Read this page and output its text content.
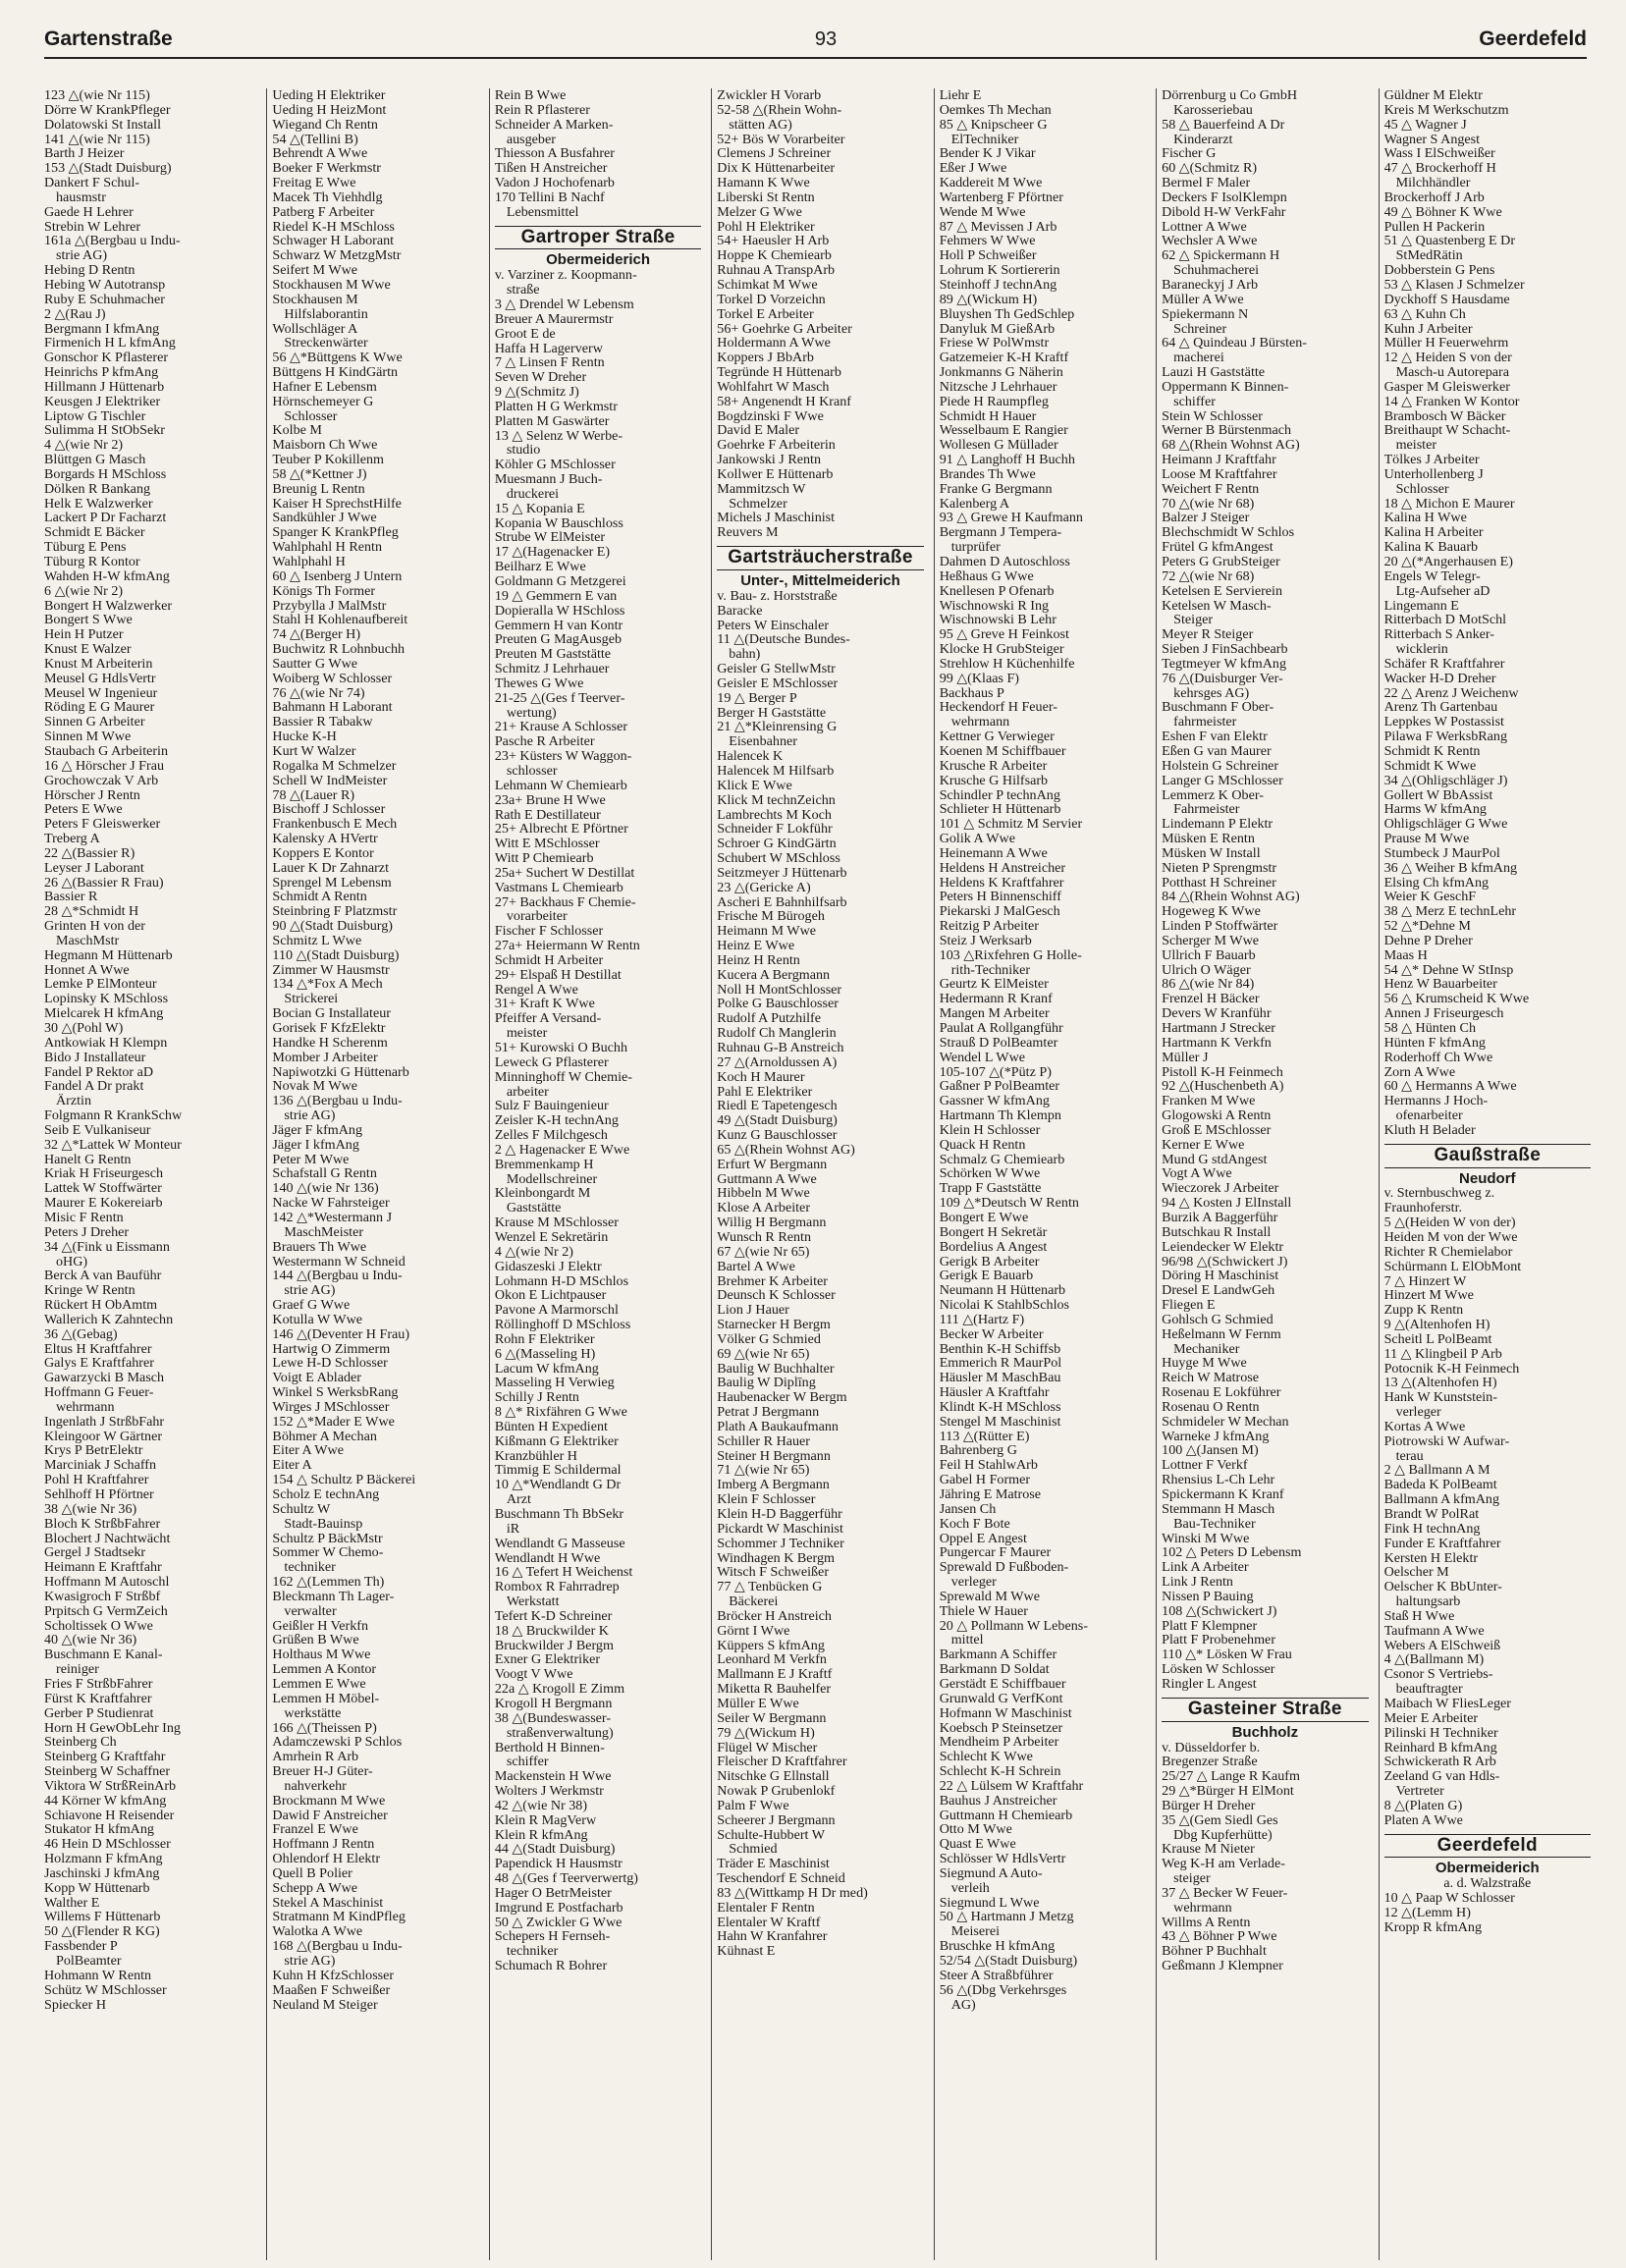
Gartenstraße	93	Geerdefeld
123 △(wie Nr 115)
Dörre W KrankPfleger
Dolatowski St Install
141 △(wie Nr 115)
Barth J Heizer
153 △(Stadt Duisburg)
Dankert F Schul-
hausmstr
Gaede H Lehrer
Strebin W Lehrer
161a △(Bergbau u Indu-
strie AG)
Hebing D Rentn
Hebing W Autotransp
Ruby E Schuhmacher
2 △(Rau J)
Bergmann I kfmAng
Firmenich H L kfmAng
Gonschor K Pflasterer
Heinrichs P kfmAng
Hillmann J Hüttenarb
Keusgen J Elektriker
Liptow G Tischler
Sulimma H StObSekr
4 △(wie Nr 2)
Blüttgen G Masch
Borgards H MSchloss
Dölken R Bankang
Helk E Walzwerker
Lackert P Dr Facharzt
Schmidt E Bäcker
Tüburg E Pens
Tüburg R Kontor
Wahden H-W kfmAng
6 △(wie Nr 2)
Bongert H Walzwerker
Bongert S Wwe
Hein H Putzer
Knust E Walzer
Knust M Arbeiterin
Meusel G HdlsVertr
Meusel W Ingenieur
Röding E G Maurer
Sinnen G Arbeiter
Sinnen M Wwe
Staubach G Arbeiterin
16 △ Hörscher J Frau
Grochowczak V Arb
Hörscher J Rentn
Peters E Wwe
Peters F Gleiswerker
Treberg A
22 △(Bassier R)
Leyser J Laborant
26 △(Bassier R Frau)
Bassier R
28 △*Schmidt H
Grinten H von der
MaschMstr
Hegmann M Hüttenarb
Honnet A Wwe
Lemke P ElMonteur
Lopinsky K MSchloss
Mielcarek H kfmAng
30 △(Pohl W)
Antkowiak H Klempn
Bido J Installateur
Fandel P Rektor aD
Fandel A Dr prakt
Ärztin
Folgmann R KrankSchw
Seib E Vulkaniseur
32 △*Lattek W Monteur
Hanelt G Rentn
Kriak H Friseurgesch
Lattek W Stoffwärter
Maurer E Kokereiarb
Misic F Rentn
Peters J Dreher
34 △(Fink u Eissmann
oHG)
Berck A van Bauführ
Kringe W Rentn
Rückert H ObAmtm
Wallerich K Zahntechn
36 △(Gebag)
Eltus H Kraftfahrer
Galys E Kraftfahrer
Gawarzycki B Masch
Hoffmann G Feuer-
wehrmann
Ingenlath J StrßbFahr
Kleingoor W Gärtner
Krys P BetrElektr
Marciniak J Schaffn
Pohl H Kraftfahrer
Sehlhoff H Pförtner
38 △(wie Nr 36)
Bloch K StrßbFahrer
Blochert J Nachtwächt
Gergel J Stadtsekr
Heimann E Kraftfahr
Hoffmann M Autoschl
Kwasigroch F Strßbf
Prpitsch G VermZeich
Scholtissek O Wwe
40 △(wie Nr 36)
Buschmann E Kanal-
reiniger
Fries F StrßbFahrer
Fürst K Kraftfahrer
Gerber P Studienrat
Horn H GewObLehr Ing
Steinberg Ch
Steinberg G Kraftfahr
Steinberg W Schaffner
Viktora W StrßReinArb
44 Körner W kfmAng
Schiavone H Reisender
Stukator H kfmAng
46 Hein D MSchlosser
Holzmann F kfmAng
Jaschinski J kfmAng
Kopp W Hüttenarb
Walther E
Willems F Hüttenarb
50 △(Flender R KG)
Fassbender P
PolBeamter
Hohmann W Rentn
Schütz W MSchlosser
Spiecker H
Ueding H Elektriker
Ueding H HeizMont
Wiegand Ch Rentn
54 △(Tellini B)
Behrendt A Wwe
Boeker F Werkmstr
Freitag E Wwe
Macek Th Viehhdlg
Patberg F Arbeiter
Riedel K-H MSchloss
Schwager H Laborant
Schwarz W MetzgMstr
Seifert M Wwe
Stockhausen M Wwe
Stockhausen M
Hilfslaborantin
Wollschläger A
Streckenwärter
56 △*Büttgens K Wwe
Büttgens H KindGärtn
Hafner E Lebensm
Hörnschemeyer G
Schlosser
Kolbe M
Maisborn Ch Wwe
Teuber P Kokillenm
58 △(*Kettner J)
Breunig L Rentn
Kaiser H SprechstHilfe
Sandkühler J Wwe
Spanger K KrankPfleg
Wahlphahl H Rentn
Wahlphahl H
60 △ Isenberg J Untern
Königs Th Former
Przybylla J MalMstr
Stahl H Kohlenaufbereit
74 △(Berger H)
Buchwitz R Lohnbuchh
Sautter G Wwe
Woiberg W Schlosser
76 △(wie Nr 74)
Bahmann H Laborant
Bassier R Tabakw
Hucke K-H
Kurt W Walzer
Rogalka M Schmelzer
Schell W IndMeister
78 △(Lauer R)
Bischoff J Schlosser
Frankenbusch E Mech
Kalensky A HVertr
Koppers E Kontor
Lauer K Dr Zahnarzt
Sprengel M Lebensm
Schmidt A Rentn
Steinbring F Platzmstr
90 △(Stadt Duisburg)
Schmitz L Wwe
110 △(Stadt Duisburg)
Zimmer W Hausmstr
134 △*Fox A Mech
Strickerei
Bocian G Installateur
Gorisek F KfzElektr
Handke H Scherenm
Momber J Arbeiter
Napiwotzki G Hüttenarb
Novak M Wwe
136 △(Bergbau u Indu-
strie AG)
Jäger F kfmAng
Jäger I kfmAng
Peter M Wwe
Schafstall G Rentn
140 △(wie Nr 136)
Nacke W Fahrsteiger
142 △*Westermann J
MaschMeister
Brauers Th Wwe
Westermann W Schneid
144 △(Bergbau u Indu-
strie AG)
Graef G Wwe
Kotulla W Wwe
146 △(Deventer H Frau)
Hartwig O Zimmerm
Lewe H-D Schlosser
Voigt E Ablader
Winkel S WerksbRang
Wirges J MSchlosser
152 △*Mader E Wwe
Böhmer A Mechan
Eiter A Wwe
Eiter A
154 △ Schultz P Bäckerei
Scholz E technAng
Schultz W
Stadt-Bauinsp
Schultz P BäckMstr
Sommer W Chemo-
techniker
162 △(Lemmen Th)
Bleckmann Th Lager-
verwalter
Geißler H Verkfn
Grüßen B Wwe
Holthaus M Wwe
Lemmen A Kontor
Lemmen E Wwe
Lemmen H Möbel-
werkstätte
166 △(Theissen P)
Adamczewski P Schlos
Amrhein R Arb
Breuer H-J Güter-
nahverkehr
Brockmann M Wwe
Dawid F Anstreicher
Franzel E Wwe
Hoffmann J Rentn
Ohlendorf H Elektr
Quell B Polier
Schepp A Wwe
Stekel A Maschinist
Stratmann M KindPfleg
Walotka A Wwe
168 △(Bergbau u Indu-
strie AG)
Kuhn H KfzSchlosser
Maaßen F Schweißer
Neuland M Steiger
Rein B Wwe
Rein R Pflasterer
Schneider A Marken-
ausgeber
Thiesson A Busfahrer
Tißen H Anstreicher
Vadon J Hochofenarb
170 Tellini B Nachf
Lebensmittel
Gartroper Straße
Obermeiderich
v. Varziner z. Koopmann-
straße
3 △ Drendel W Lebensm
Breuer A Maurermstr
Groot E de
Haffa H Lagerverw
7 △ Linsen F Rentn
Seven W Dreher
9 △(Schmitz J)
Platten H G Werkmstr
Platten M Gaswärter
13 △ Selenz W Werbe-
studio
Köhler G MSchlosser
Muesmann J Buch-
druckerei
15 △ Kopania E
Kopania W Bauschloss
Strube W ElMeister
17 △(Hagenacker E)
Beilharz E Wwe
Goldmann G Metzgerei
19 △ Gemmern E van
Dopieralla W HSchloss
Gemmern H van Kontr
Preuten G MagAusgeb
Preuten M Gaststätte
Schmitz J Lehrhauer
Thewes G Wwe
21-25 △(Ges f Teerver-
wertung)
21+ Krause A Schlosser
Pasche R Arbeiter
23+ Küsters W Waggon-
schlosser
Lehmann W Chemiearb
23a+ Brune H Wwe
Rath E Destillateur
25+ Albrecht E Pförtner
Witt E MSchlosser
Witt P Chemiearb
25a+ Suchert W Destillat
Vastmans L Chemiearb
27+ Backhaus F Chemie-
vorarbeiter
Fischer F Schlosser
27a+ Heiermann W Rentn
Schmidt H Arbeiter
29+ Elspaß H Destillat
Rengel A Wwe
31+ Kraft K Wwe
Pfeiffer A Versand-
meister
51+ Kurowski O Buchh
Leweck G Pflasterer
Minninghoff W Chemie-
arbeiter
Sulz F Bauingenieur
Zeisler K-H technAng
Zelles F Milchgesch
2 △ Hagenacker E Wwe
Bremmenkamp H
Modellschreiner
Kleinbongardt M
Gaststätte
Krause M MSchlosser
Wenzel E Sekretärin
4 △(wie Nr 2)
Gidaszeski J Elektr
Lohmann H-D MSchlos
Okon E Lichtpauser
Pavone A Marmorschl
Röllinghoff D MSchloss
Rohn F Elektriker
6 △(Masseling H)
Lacum W kfmAng
Masseling H Verwieg
Schilly J Rentn
8 △* Rixfähren G Wwe
Bünten H Expedient
Kißmann G Elektriker
Kranzbühler H
Timmig E Schildermal
10 △*Wendlandt G Dr
Arzt
Buschmann Th BbSekr
iR
Wendlandt G Masseuse
Wendlandt H Wwe
16 △ Tefert H Weichenst
Rombox R Fahrradrep
Werkstatt
Tefert K-D Schreiner
18 △ Bruckwilder K
Bruckwilder J Bergm
Exner G Elektriker
Voogt V Wwe
22a △ Krogoll E Zimm
Krogoll H Bergmann
38 △(Bundeswasser-
straßenverwaltung)
Berthold H Binnen-
schiffer
Mackenstein H Wwe
Wolters J Werkmstr
42 △(wie Nr 38)
Klein R MagVerw
Klein R kfmAng
44 △(Stadt Duisburg)
Papendick H Hausmstr
48 △(Ges f Teerverwertg)
Hager O BetrMeister
Imgrund E Postfacharb
50 △ Zwickler G Wwe
Schepers H Fernseh-
techniker
Schumach R Bohrer
Zwickler H Vorarb
52-58 △(Rhein Wohn-
stätten AG)
52+ Bös W Vorarbeiter
Clemens J Schreiner
Dix K Hüttenarbeiter
Hamann K Wwe
Liberski St Rentn
Melzer G Wwe
Pohl H Elektriker
54+ Haeusler H Arb
Hoppe K Chemiearb
Ruhnau A TranspArb
Schimkat M Wwe
Torkel D Vorzeichn
Torkel E Arbeiter
56+ Goehrke G Arbeiter
Holdermann A Wwe
Koppers J BbArb
Tegründe H Hüttenarb
Wohlfahrt W Masch
58+ Angenendt H Kranf
Bogdzinski F Wwe
David E Maler
Goehrke F Arbeiterin
Jankowski J Rentn
Kollwer E Hüttenarb
Mammitzsch W
Schmelzer
Michels J Maschinist
Reuvers M
Gartsträucherstraße
Unter-, Mittelmeiderich
v. Bau- z. Horststraße
Baracke
Peters W Einschaler
11 △(Deutsche Bundes-
bahn)
Geisler G StellwMstr
Geisler E MSchlosser
19 △ Berger P
Berger H Gaststätte
21 △*Kleinrensing G
Eisenbahner
Halencek K
Halencek M Hilfsarb
Klick E Wwe
Klick M technZeichn
Lambrechts M Koch
Schneider F Lokführ
Schroer G KindGärtn
Schubert W MSchloss
Seitzmeyer J Hüttenarb
23 △(Gericke A)
Ascheri E Bahnhilfsarb
Frische M Bürogeh
Heimann M Wwe
Heinz E Wwe
Heinz H Rentn
Kucera A Bergmann
Noll H MontSchlosser
Polke G Bauschlosser
Rudolf A Putzhilfe
Rudolf Ch Manglerin
Ruhnau G-B Anstreich
27 △(Arnoldussen A)
Koch H Maurer
Pahl E Elektriker
Riedl E Tapetengesch
49 △(Stadt Duisburg)
Kunz G Bauschlosser
65 △(Rhein Wohnst AG)
Erfurt W Bergmann
Guttmann A Wwe
Hibbeln M Wwe
Klose A Arbeiter
Willig H Bergmann
Wunsch R Rentn
67 △(wie Nr 65)
Bartel A Wwe
Brehmer K Arbeiter
Deunsch K Schlosser
Lion J Hauer
Starnecker H Bergm
Völker G Schmied
69 △(wie Nr 65)
Baulig W Buchhalter
Baulig W Diplīng
Haubenacker W Bergm
Petrat J Bergmann
Plath A Baukaufmann
Schiller R Hauer
Steiner H Bergmann
71 △(wie Nr 65)
Imberg A Bergmann
Klein F Schlosser
Klein H-D Baggerführ
Pickardt W Maschinist
Schommer J Techniker
Windhagen K Bergm
Witsch F Schweißer
77 △ Tenbücken G
Bäckerei
Bröcker H Anstreich
Görnt I Wwe
Küppers S kfmAng
Leonhard M Verkfn
Mallmann E J Kraftf
Miketta R Bauhelfer
Müller E Wwe
Seiler W Bergmann
79 △(Wickum H)
Flügel W Mischer
Fleischer D Kraftfahrer
Nitschke G Ellnstall
Nowak P Grubenlokf
Palm F Wwe
Scheerer J Bergmann
Schulte-Hubbert W
Schmied
Träder E Maschinist
Teschendorf E Schneid
83 △(Wittkamp H Dr med)
Elentaler F Rentn
Elentaler W Kraftf
Hahn W Kranfahrer
Kühnast E
Liehr E
Oemkes Th Mechan
85 △ Knipscheer G
ElTechniker
Bender K J Vikar
Eßer J Wwe
Kaddereit M Wwe
Wartenberg F Pförtner
Wende M Wwe
87 △ Mevissen J Arb
Fehmers W Wwe
Holl P Schweißer
Lohrum K Sortiererin
Steinhoff J technAng
89 △(Wickum H)
Bluyshen Th GedSchlep
Danyluk M GießArb
Friese W PolWmstr
Gatzemeier K-H Kraftf
Jonkmanns G Näherin
Nitzsche J Lehrhauer
Piede H Raumpfleg
Schmidt H Hauer
Wesselbaum E Rangier
Wollesen G Müllader
91 △ Langhoff H Buchh
Brandes Th Wwe
Franke G Bergmann
Kalenberg A
93 △ Grewe H Kaufmann
Bergmann J Tempera-
turprüfer
Dahmen D Autoschloss
Heßhaus G Wwe
Knellesen P Ofenarb
Wischnowski R Ing
Wischnowski B Lehr
95 △ Greve H Feinkost
Klocke H GrubSteiger
Strehlow H Küchenhilfe
99 △(Klaas F)
Backhaus P
Heckendorf H Feuer-
wehrmann
Kettner G Verwieger
Koenen M Schiffbauer
Krusche R Arbeiter
Krusche G Hilfsarb
Schindler P technAng
Schlieter H Hüttenarb
101 △ Schmitz M Servier
Golik A Wwe
Heinemann A Wwe
Heldens H Anstreicher
Heldens K Kraftfahrer
Peters H Binnenschiff
Piekarski J MalGesch
Reitzig P Arbeiter
Steiz J Werksarb
103 △Rixfehren G Holle-
rith-Techniker
Geurtz K ElMeister
Hedermann R Kranf
Mangen M Arbeiter
Paulat A Rollgangführ
Strauß D PolBeamter
Wendel L Wwe
105-107 △(*Pütz P)
Gaßner P PolBeamter
Gassner W kfmAng
Hartmann Th Klempn
Klein H Schlosser
Quack H Rentn
Schmalz G Chemiearb
Schörken W Wwe
Trapp F Gaststätte
109 △*Deutsch W Rentn
Bongert E Wwe
Bongert H Sekretär
Bordelius A Angest
Gerigk B Arbeiter
Gerigk E Bauarb
Neumann H Hüttenarb
Nicolai K StahlbSchlos
111 △(Hartz F)
Becker W Arbeiter
Benthin K-H Schiffsb
Emmerich R MaurPol
Häusler M MaschBau
Häusler A Kraftfahr
Klindt K-H MSchloss
Stengel M Maschinist
113 △(Rütter E)
Bahrenberg G
Feil H StahlwArb
Gabel H Former
Jähring E Matrose
Jansen Ch
Koch F Bote
Oppel E Angest
Pungercar F Maurer
Sprewald D Fußboden-
verleger
Sprewald M Wwe
Thiele W Hauer
20 △ Pollmann W Lebens-
mittel
Barkmann A Schiffer
Barkmann D Soldat
Gerstädt E Schiffbauer
Grunwald G VerfKont
Hofmann W Maschinist
Koebsch P Steinsetzer
Mendheim P Arbeiter
Schlecht K Wwe
Schlecht K-H Schrein
22 △ Lülsem W Kraftfahr
Bauhus J Anstreicher
Guttmann H Chemiearb
Otto M Wwe
Quast E Wwe
Schlösser W HdlsVertr
Siegmund A Auto-
verleih
Siegmund L Wwe
50 △ Hartmann J Metzg
Meiserei
Bruschke H kfmAng
52/54 △(Stadt Duisburg)
Steer A Straßbführer
56 △(Dbg Verkehrsges
AG)
Dörrenburg u Co GmbH
Karosseriebau
58 △ Bauerfeind A Dr
Kinderarzt
Fischer G
60 △(Schmitz R)
Bermel F Maler
Deckers F IsolKlempn
Dibold H-W VerkFahr
Lottner A Wwe
Wechsler A Wwe
62 △ Spickermann H
Schuhmacherei
Baraneckyj J Arb
Müller A Wwe
Spiekermann N
Schreiner
64 △ Quindeau J Bürsten-
macherei
Lauzi H Gaststätte
Oppermann K Binnen-
schiffer
Stein W Schlosser
Werner B Bürstenmach
68 △(Rhein Wohnst AG)
Heimann J Kraftfahr
Loose M Kraftfahrer
Weichert F Rentn
70 △(wie Nr 68)
Balzer J Steiger
Blechschmidt W Schlos
Frütel G kfmAngest
Peters G GrubSteiger
72 △(wie Nr 68)
Ketelsen E Servierein
Ketelsen W Masch-
Steiger
Meyer R Steiger
Sieben J FinSachbearb
Tegtmeyer W kfmAng
76 △(Duisburger Ver-
kehrsges AG)
Buschmann F Ober-
fahrmeister
Eshen F van Elektr
Eßen G van Maurer
Holstein G Schreiner
Langer G MSchlosser
Lemmerz K Ober-
Fahrmeister
Lindemann P Elektr
Müsken E Rentn
Müsken W Install
Nieten P Sprengmstr
Potthast H Schreiner
84 △(Rhein Wohnst AG)
Hogeweg K Wwe
Linden P Stoffwärter
Scherger M Wwe
Ullrich F Bauarb
Ulrich O Wäger
86 △(wie Nr 84)
Frenzel H Bäcker
Devers W Kranführ
Hartmann J Strecker
Hartmann K Verkfn
Müller J
Pistoll K-H Feinmech
92 △(Huschenbeth A)
Franken M Wwe
Glogowski A Rentn
Groß E MSchlosser
Kerner E Wwe
Mund G stdAngest
Vogt A Wwe
Wieczorek J Arbeiter
94 △ Kosten J ElInstall
Burzik A Baggerführ
Butschkau R Install
Leiendecker W Elektr
96/98 △(Schwickert J)
Döring H Maschinist
Dresel E LandwGeh
Fliegen E
Gohlsch G Schmied
Heßelmann W Fernm
Mechaniker
Huyge M Wwe
Reich W Matrose
Rosenau E Lokführer
Rosenau O Rentn
Schmideler W Mechan
Warneke J kfmAng
100 △(Jansen M)
Lottner F Verkf
Rhensius L-Ch Lehr
Spickermann K Kranf
Stemmann H Masch
Bau-Techniker
Winski M Wwe
102 △ Peters D Lebensm
Link A Arbeiter
Link J Rentn
Nissen P Bauing
108 △(Schwickert J)
Platt F Klempner
Platt F Probenehmer
110 △* Lösken W Frau
Lösken W Schlosser
Ringler L Angest
Gasteiner Straße
Buchholz
v. Düsseldorfer b.
Bregenzer Straße
25/27 △ Lange R Kaufm
29 △*Bürger H ElMont
Bürger H Dreher
35 △(Gem Siedl Ges
Dbg Kupferhütte)
Krause M Nieter
Weg K-H am Verlade-
steiger
37 △ Becker W Feuer-
wehrmann
Willms A Rentn
43 △ Böhner P Wwe
Böhner P Buchhalt
Geßmann J Klempner
Güldner M Elektr
Kreis M Werkschutzm
45 △ Wagner J
Wagner S Angest
Wass I ElSchweißer
47 △ Brockerhoff H
Milchhändler
Brockerhoff J Arb
49 △ Böhner K Wwe
Pullen H Packerin
51 △ Quastenberg E Dr
StMedRätin
Dobberstein G Pens
53 △ Klasen J Schmelzer
Dyckhoff S Hausdame
63 △ Kuhn Ch
Kuhn J Arbeiter
Müller H Feuerwehrm
12 △ Heiden S von der
Masch-u Autorepara
Gasper M Gleiswerker
14 △ Franken W Kontor
Brambosch W Bäcker
Breithaupt W Schacht-
meister
Tölkes J Arbeiter
Unterhollenberg J
Schlosser
18 △ Michon E Maurer
Kalina H Wwe
Kalina H Arbeiter
Kalina K Bauarb
20 △(*Angerhausen E)
Engels W Telegr-
Ltg-Aufseher aD
Lingemann E
Ritterbach D MotSchl
Ritterbach S Anker-
wicklerin
Schäfer R Kraftfahrer
Wacker H-D Dreher
22 △ Arenz J Weichenw
Arenz Th Gartenbau
Leppkes W Postassist
Pilawa F WerksbRang
Schmidt K Rentn
Schmidt K Wwe
34 △(Ohligschläger J)
Gollert W BbAssist
Harms W kfmAng
Ohligschläger G Wwe
Prause M Wwe
Stumbeck J MaurPol
36 △ Weiher B kfmAng
Elsing Ch kfmAng
Weier K GeschF
38 △ Merz E technLehr
52 △*Dehne M
Dehne P Dreher
Maas H
54 △* Dehne W StInsp
Henz W Bauarbeiter
56 △ Krumscheid K Wwe
Annen J Friseurgesch
58 △ Hünten Ch
Hünten F kfmAng
Roderhoff Ch Wwe
Zorn A Wwe
60 △ Hermanns A Wwe
Hermanns J Hoch-
ofenarbeiter
Kluth H Belader
Gaußstraße
Neudorf
v. Sternbuschweg z.
Fraunhoferstr.
5 △(Heiden W von der)
Heiden M von der Wwe
Richter R Chemielabor
Schürmann L ElObMont
7 △ Hinzert W
Hinzert M Wwe
Zupp K Rentn
9 △(Altenhofen H)
Scheitl L PolBeamt
11 △ Klingbeil P Arb
Potocnik K-H Feinmech
13 △(Altenhofen H)
Hank W Kunststein-
verleger
Kortas A Wwe
Piotrowski W Aufwar-
terau
2 △ Ballmann A M
Badeda K PolBeamt
Ballmann A kfmAng
Brandt W PolRat
Fink H technAng
Funder E Kraftfahrer
Kersten H Elektr
Oelscher M
Oelscher K BbUnter-
haltungsarb
Staß H Wwe
Taufmann A Wwe
Webers A ElSchweiß
4 △(Ballmann M)
Csonor S Vertriebs-
beauftragter
Maibach W FliesLeger
Meier E Arbeiter
Pilinski H Techniker
Reinhard B kfmAng
Schwickerath R Arb
Zeeland G van Hdls-
Vertreter
8 △(Platen G)
Platen A Wwe
Geerdefeld
Obermeiderich
a. d. Walzstraße
10 △ Paap W Schlosser
12 △(Lemm H)
Kropp R kfmAng
